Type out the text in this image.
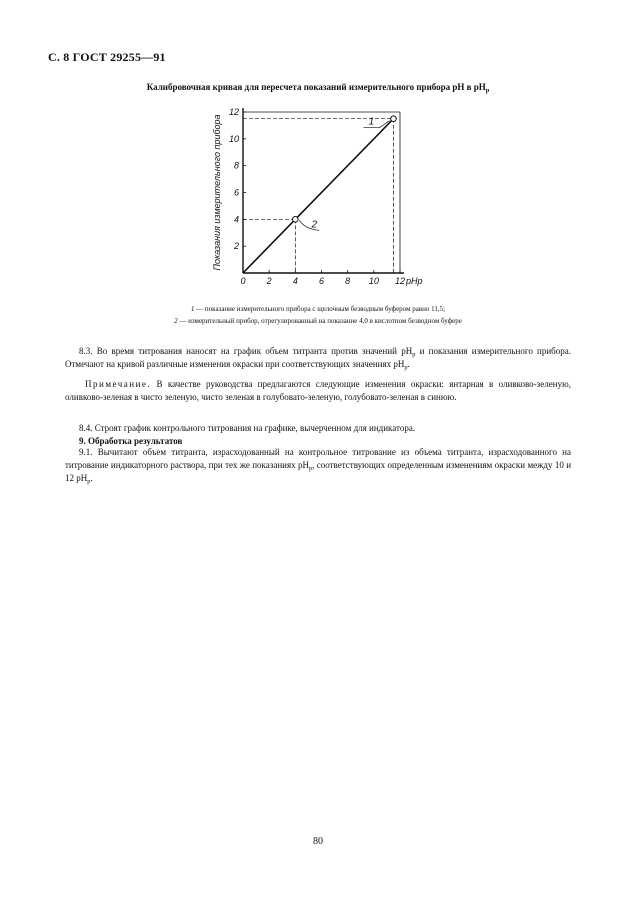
С. 8 ГОСТ 29255—91
Калибровочная кривая для пересчета показаний измерительного прибора pH в $pH_р$
0 2 4 6 8 10 12
2
4
6
8
10
12
pHр
Показания измерительного прибора	1
2
1 — показание измерительного прибора с щелочным безводным буфером равно 11,5;
2 — измерительный прибор, отрегулированный на показание 4,0 в кислотном безводном буфере
8.3. Во время титрования наносят на график объем титранта против значений $pH_р$ и показания измерительного прибора. Отмечают на кривой различные изменения окраски при соответствующих значениях $pH_р$.
Примечание. В качестве руководства предлагаются следующие изменения окраски: янтарная в оливково-зеленую, оливково-зеленая в чисто зеленую, чисто зеленая в голубовато-зеленую, голубовато-зеленая в синюю.
8.4. Строят график контрольного титрования на графике, вычерченном для индикатора.
9. Обработка результатов
9.1. Вычитают объем титранта, израсходованный на контрольное титрование из объема титранта, израсходованного на титрование индикаторного раствора, при тех же показаниях $pH_р$, соответствующих определенным изменениям окраски между 10 и 12 $pH_р$.
80
